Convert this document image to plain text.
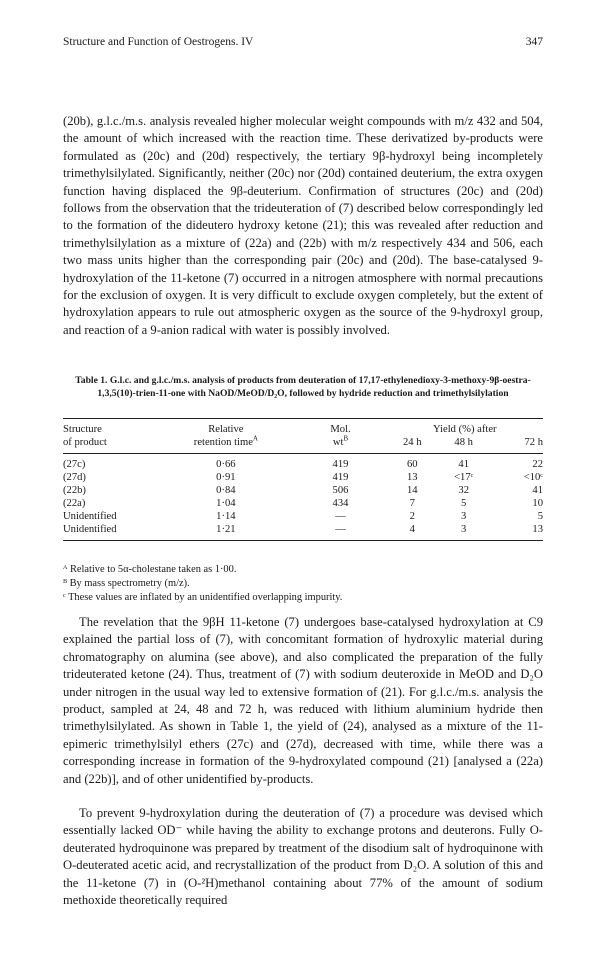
Structure and Function of Oestrogens. IV	347

(20b), g.l.c./m.s. analysis revealed higher molecular weight compounds with m/z 432 and 504, the amount of which increased with the reaction time. These derivatized by-products were formulated as (20c) and (20d) respectively, the tertiary 9β-hydroxyl being incompletely trimethylsilylated. Significantly, neither (20c) nor (20d) contained deuterium, the extra oxygen function having displaced the 9β-deuterium. Confirmation of structures (20c) and (20d) follows from the observation that the trideuteration of (7) described below correspondingly led to the formation of the dideutero hydroxy ketone (21); this was revealed after reduction and trimethylsilylation as a mixture of (22a) and (22b) with m/z respectively 434 and 506, each two mass units higher than the corresponding pair (20c) and (20d). The base-catalysed 9-hydroxylation of the 11-ketone (7) occurred in a nitrogen atmosphere with normal precautions for the exclusion of oxygen. It is very difficult to exclude oxygen completely, but the extent of hydroxylation appears to rule out atmospheric oxygen as the source of the 9-hydroxyl group, and reaction of a 9-anion radical with water is possibly involved.

Table 1. G.l.c. and g.l.c./m.s. analysis of products from deuteration of 17,17-ethylenedioxy-3-methoxy-9β-oestra-1,3,5(10)-trien-11-one with NaOD/MeOD/D₂O, followed by hydride reduction and trimethylsilylation

Structure	Relative	Mol.	Yield (%) after		
of product	retention time$^A$	$wt^B$	24 h	48 h	72 h
(27c)	0·66	419	60	41	22
(27d)	0·91	419	13	<17ᶜ	<10ᶜ
(22b)	0·84	506	14	32	41
(22a)	1·04	434	7	5	10
Unidentified	1·14	—	2	3	5
Unidentified	1·21	—	4	3	13

ᴬ Relative to 5α-cholestane taken as 1·00.

ᴮ By mass spectrometry (m/z).

ᶜ These values are inflated by an unidentified overlapping impurity.

The revelation that the 9βH 11-ketone (7) undergoes base-catalysed hydroxylation at C9 explained the partial loss of (7), with concomitant formation of hydroxylic material during chromatography on alumina (see above), and also complicated the preparation of the fully trideuterated ketone (24). Thus, treatment of (7) with sodium deuteroxide in MeOD and D₂O under nitrogen in the usual way led to extensive formation of (21). For g.l.c./m.s. analysis the product, sampled at 24, 48 and 72 h, was reduced with lithium aluminium hydride then trimethylsilylated. As shown in Table 1, the yield of (24), analysed as a mixture of the 11-epimeric trimethylsilyl ethers (27c) and (27d), decreased with time, while there was a corresponding increase in formation of the 9-hydroxylated compound (21) [analysed a (22a) and (22b)], and of other unidentified by-products.

To prevent 9-hydroxylation during the deuteration of (7) a procedure was devised which essentially lacked OD⁻ while having the ability to exchange protons and deuterons. Fully O-deuterated hydroquinone was prepared by treatment of the disodium salt of hydroquinone with O-deuterated acetic acid, and recrystallization of the product from D₂O. A solution of this and the 11-ketone (7) in (O-²H)methanol containing about 77% of the amount of sodium methoxide theoretically required
